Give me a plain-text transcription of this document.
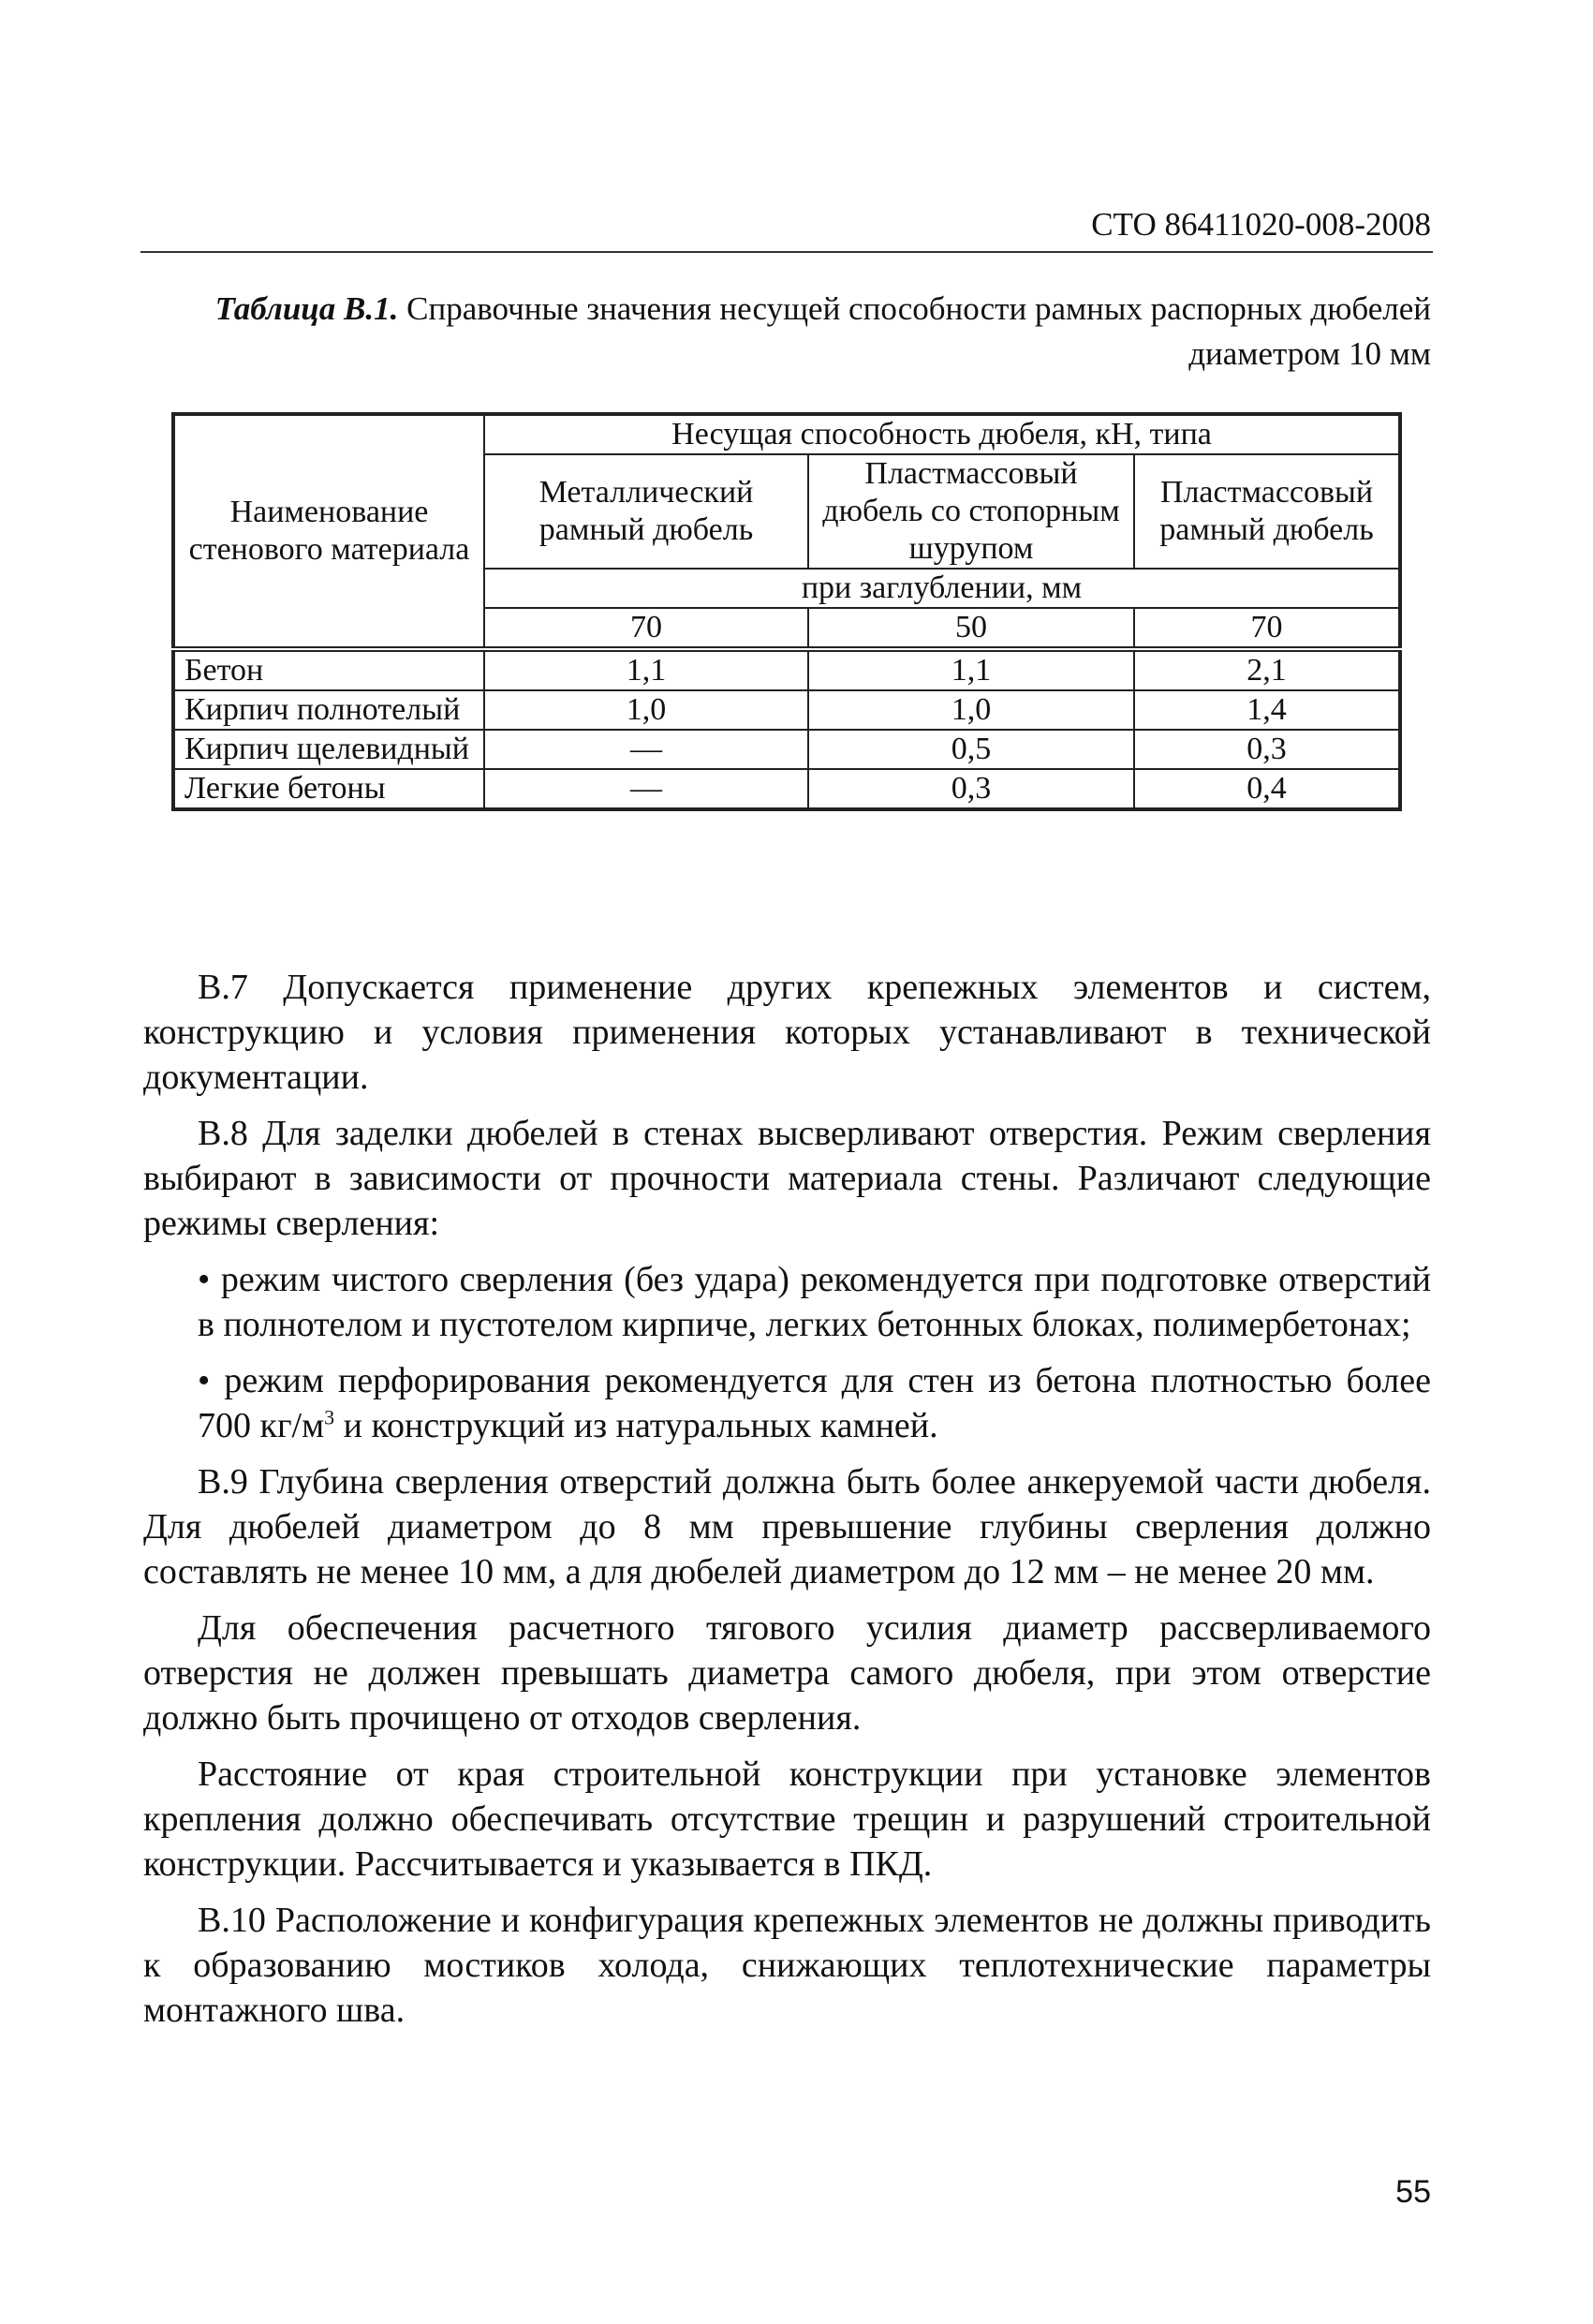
СТО 86411020-008-2008
Таблица В.1. Справочные значения несущей способности рамных распорных дюбелей диаметром 10 мм
Наименование стенового материала	Несущая способность дюбеля, кН, типа		
	Металлический рамный дюбель	Пластмассовый дюбель со стопорным шурупом	Пластмассовый рамный дюбель
	при заглублении, мм		
	70	50	70
Бетон	1,1	1,1	2,1
Кирпич полнотелый	1,0	1,0	1,4
Кирпич щелевидный	—	0,5	0,3
Легкие бетоны	—	0,3	0,4

В.7 Допускается применение других крепежных элементов и систем, конструкцию и условия применения которых устанавливают в технической документации.

В.8 Для заделки дюбелей в стенах высверливают отверстия. Режим сверления выбирают в зависимости от прочности материала стены. Различают следующие режимы сверления:

• режим чистого сверления (без удара) рекомендуется при подготовке отверстий в полнотелом и пустотелом кирпиче, легких бетонных блоках, полимербетонах;

• режим перфорирования рекомендуется для стен из бетона плотностью более 700 $кг/м^3$ и конструкций из натуральных камней.

В.9 Глубина сверления отверстий должна быть более анкеруемой части дюбеля. Для дюбелей диаметром до 8 мм превышение глубины сверления должно составлять не менее 10 мм, а для дюбелей диаметром до 12 мм – не менее 20 мм.

Для обеспечения расчетного тягового усилия диаметр рассверливаемого отверстия не должен превышать диаметра самого дюбеля, при этом отверстие должно быть прочищено от отходов сверления.

Расстояние от края строительной конструкции при установке элементов крепления должно обеспечивать отсутствие трещин и разрушений строительной конструкции. Рассчитывается и указывается в ПКД.

В.10 Расположение и конфигурация крепежных элементов не должны приводить к образованию мостиков холода, снижающих теплотехнические параметры монтажного шва.

55
